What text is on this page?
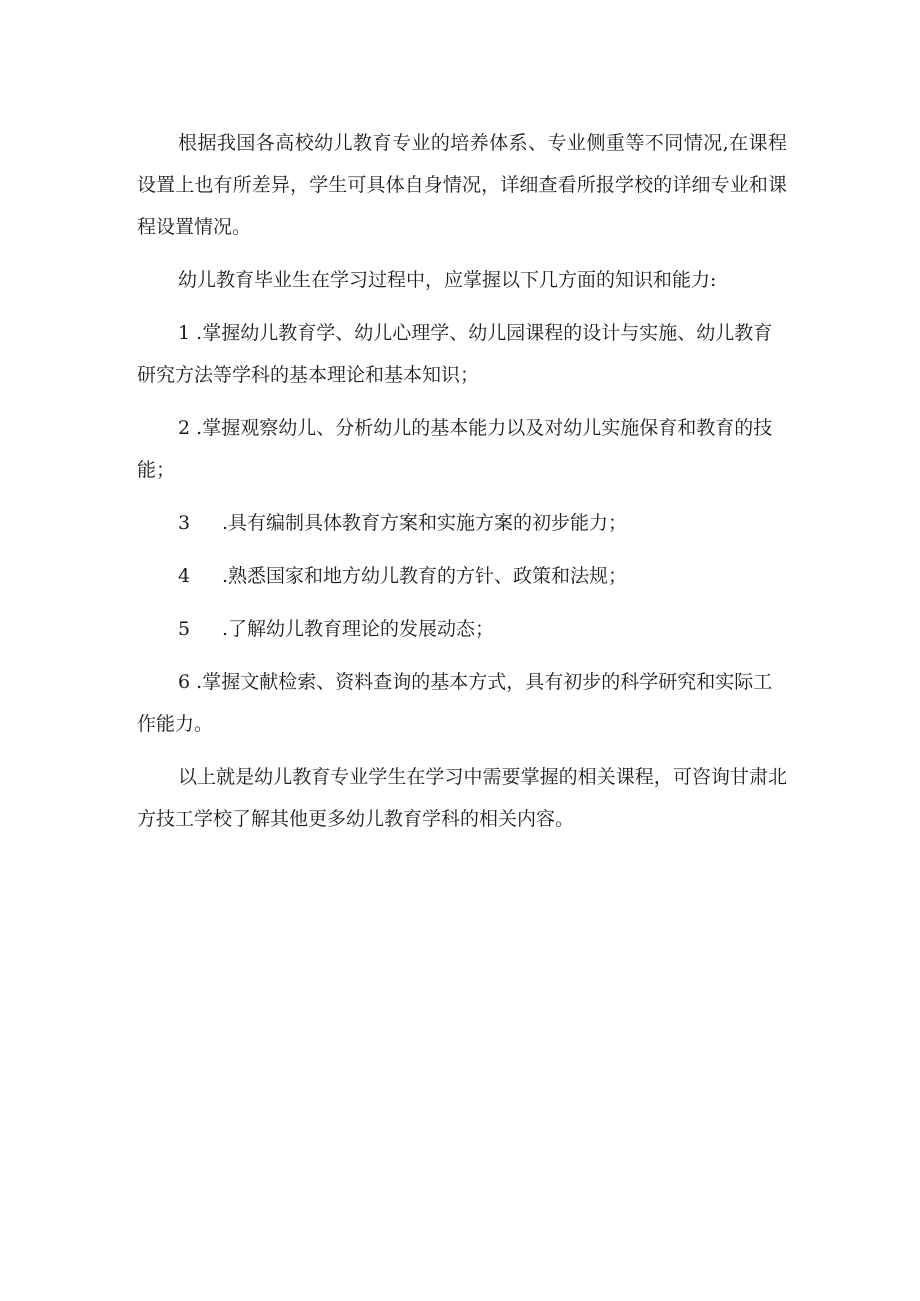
根据我国各高校幼儿教育专业的培养体系、专业侧重等不同情况,在课程设置上也有所差异，学生可具体自身情况，详细查看所报学校的详细专业和课程设置情况。

幼儿教育毕业生在学习过程中，应掌握以下几方面的知识和能力:

1 .掌握幼儿教育学、幼儿心理学、幼儿园课程的设计与实施、幼儿教育研究方法等学科的基本理论和基本知识；

2 .掌握观察幼儿、分析幼儿的基本能力以及对幼儿实施保育和教育的技能；

3 .具有编制具体教育方案和实施方案的初步能力；

4 .熟悉国家和地方幼儿教育的方针、政策和法规；

5 .了解幼儿教育理论的发展动态；

6 .掌握文献检索、资料查询的基本方式，具有初步的科学研究和实际工作能力。

以上就是幼儿教育专业学生在学习中需要掌握的相关课程，可咨询甘肃北方技工学校了解其他更多幼儿教育学科的相关内容。
